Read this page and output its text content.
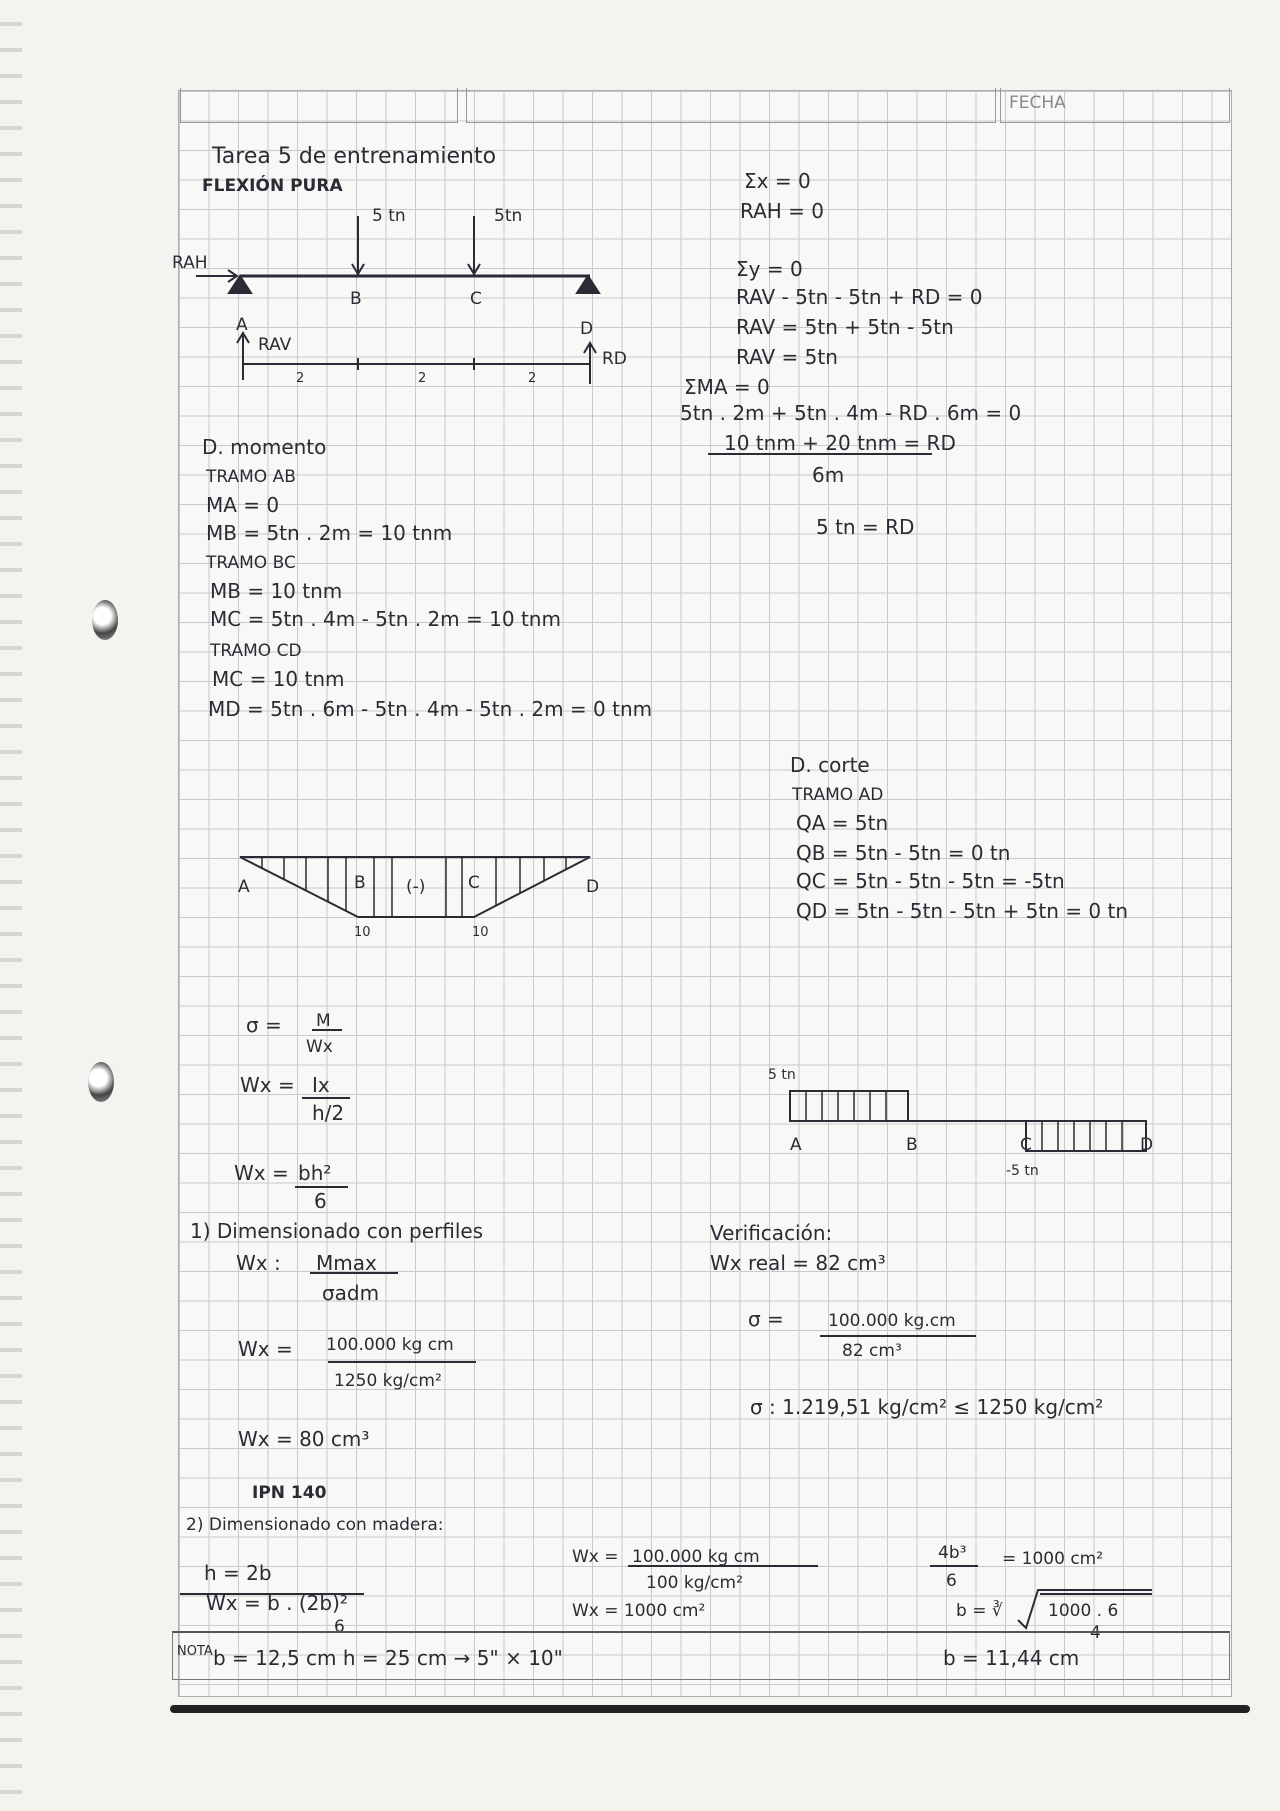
FECHA
Tarea 5 de entrenamiento
FLEXIÓN PURA
5 tn	5tn
RAH
A
B	C
D
RAV
RD
2	2	2
Σx = 0
RAH = 0
Σy = 0
RAV - 5tn - 5tn + RD = 0
RAV = 5tn + 5tn - 5tn
RAV = 5tn
ΣMA = 0
5tn . 2m + 5tn . 4m - RD . 6m = 0
10 tnm + 20 tnm = RD
6m
5 tn = RD
D. momento
TRAMO AB
MA = 0
MB = 5tn . 2m = 10 tnm
TRAMO BC
MB = 10 tnm
MC = 5tn . 4m - 5tn . 2m = 10 tnm
TRAMO CD
MC = 10 tnm
MD = 5tn . 6m - 5tn . 4m - 5tn . 2m = 0 tnm
A	B (-)	C	D
10	10
D. corte
TRAMO AD
QA = 5tn
QB = 5tn - 5tn = 0 tn
QC = 5tn - 5tn - 5tn = -5tn
QD = 5tn - 5tn - 5tn + 5tn = 0 tn
5 tn
A	B	C	D
-5 tn
σ = M
Wx
Wx = Ix
h/2
Wx = bh²
6
1) Dimensionado con perfiles
Wx : Mmax
σadm
Wx = 100.000 kg cm
1250 kg/cm²
Wx = 80 cm³
IPN 140
Verificación:
Wx real = 82 cm³
σ =	100.000 kg.cm
82 cm³
σ : 1.219,51 kg/cm² ≤ 1250 kg/cm²
2) Dimensionado con madera:
h = 2b
Wx = b . (2b)²
6
Wx = 100.000 kg cm
100 kg/cm²
Wx = 1000 cm²
4b³
6
= 1000 cm²
b = ∛	1000 . 6
4
NOTA b = 12,5 cm h = 25 cm → 5" × 10"	b = 11,44 cm
